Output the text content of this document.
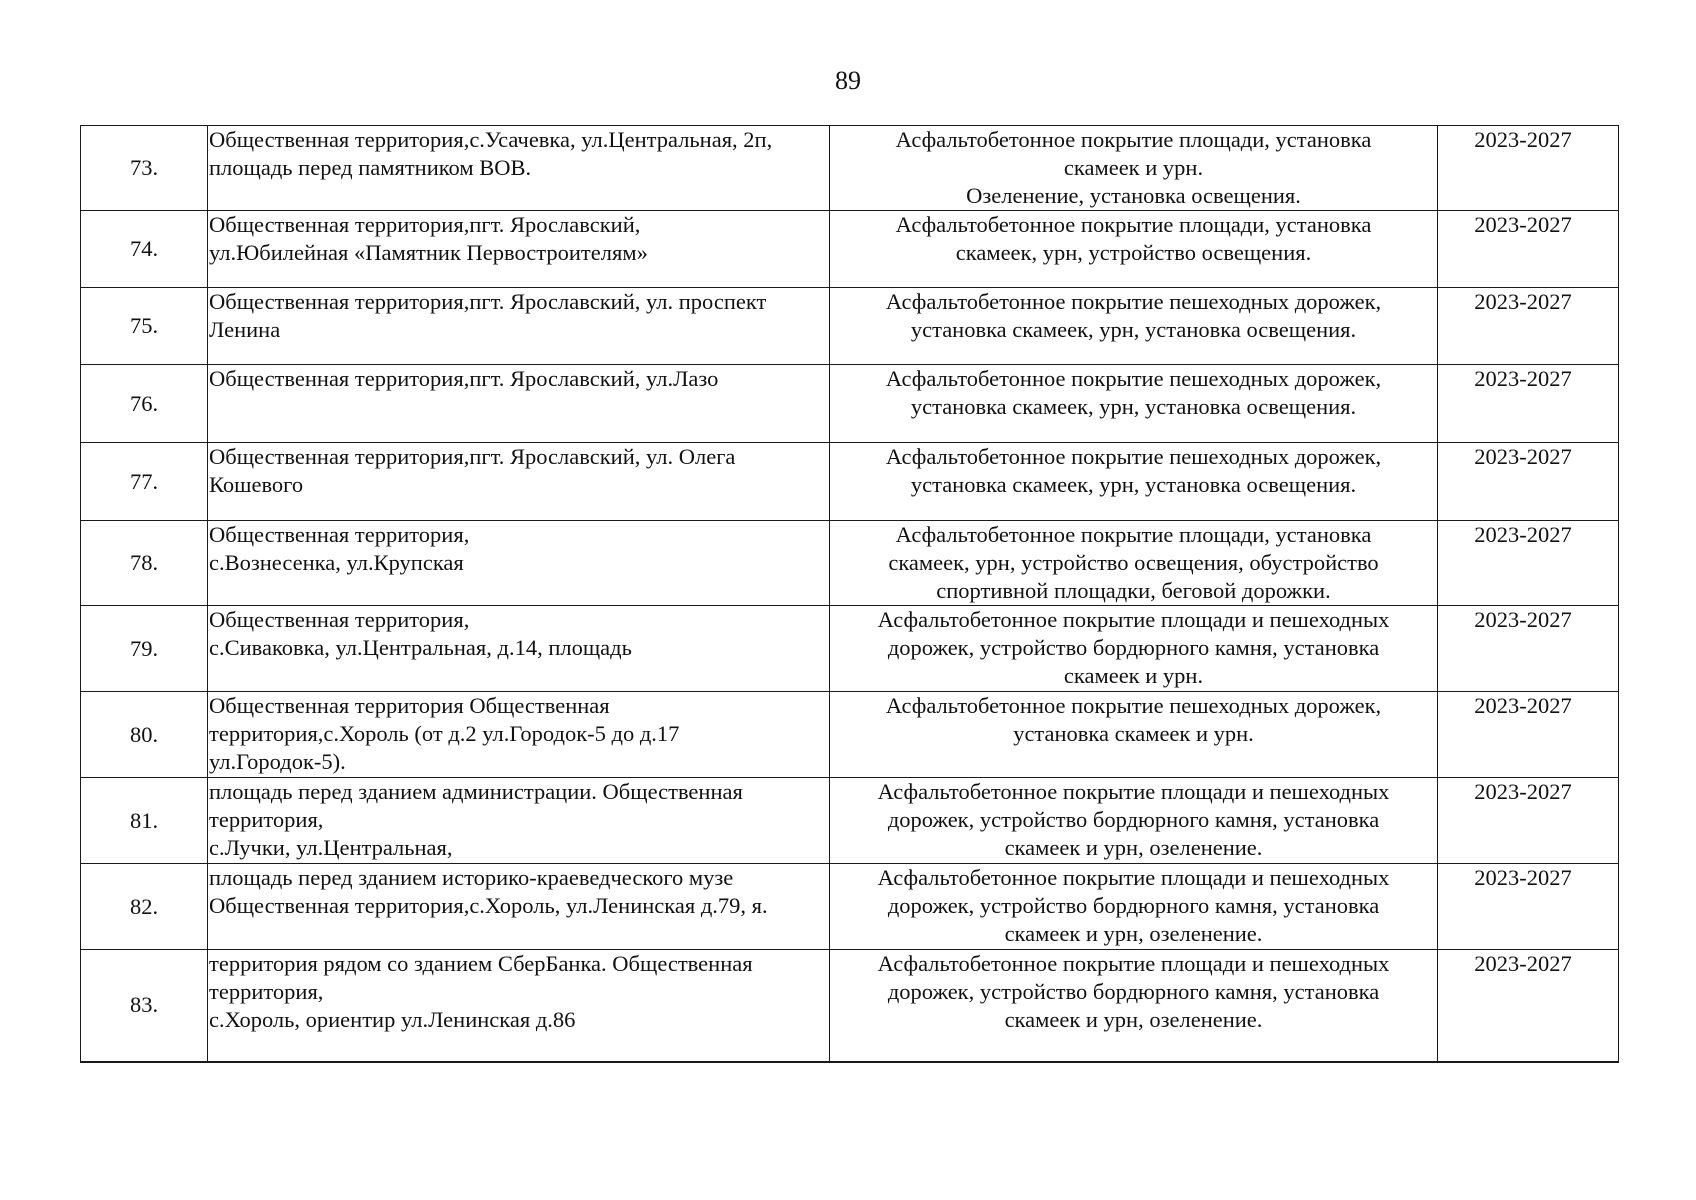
89
73.	Общественная территория,с.Усачевка, ул.Центральная, 2п,
площадь перед памятником ВОВ.	Асфальтобетонное покрытие площади, установка
скамеек и урн.
Озеленение, установка освещения.	2023-2027
74.	Общественная территория,пгт. Ярославский,
ул.Юбилейная «Памятник Первостроителям»	Асфальтобетонное покрытие площади, установка
скамеек, урн, устройство освещения.	2023-2027
75.	Общественная территория,пгт. Ярославский, ул. проспект
Ленина	Асфальтобетонное покрытие пешеходных дорожек,
установка скамеек, урн, установка освещения.	2023-2027
76.	Общественная территория,пгт. Ярославский, ул.Лазо	Асфальтобетонное покрытие пешеходных дорожек,
установка скамеек, урн, установка освещения.	2023-2027
77.	Общественная территория,пгт. Ярославский, ул. Олега
Кошевого	Асфальтобетонное покрытие пешеходных дорожек,
установка скамеек, урн, установка освещения.	2023-2027
78.	Общественная территория,
с.Вознесенка, ул.Крупская	Асфальтобетонное покрытие площади, установка
скамеек, урн, устройство освещения, обустройство
спортивной площадки, беговой дорожки.	2023-2027
79.	Общественная территория,
с.Сиваковка, ул.Центральная, д.14, площадь	Асфальтобетонное покрытие площади и пешеходных
дорожек, устройство бордюрного камня, установка
скамеек и урн.	2023-2027
80.	Общественная территория Общественная
территория,с.Хороль (от д.2 ул.Городок-5 до д.17
ул.Городок-5).	Асфальтобетонное покрытие пешеходных дорожек,
установка скамеек и урн.	2023-2027
81.	площадь перед зданием администрации. Общественная
территория,
с.Лучки, ул.Центральная,	Асфальтобетонное покрытие площади и пешеходных
дорожек, устройство бордюрного камня, установка
скамеек и урн, озеленение.	2023-2027
82.	площадь перед зданием историко-краеведческого музе
Общественная территория,с.Хороль, ул.Ленинская д.79, я.	Асфальтобетонное покрытие площади и пешеходных
дорожек, устройство бордюрного камня, установка
скамеек и урн, озеленение.	2023-2027
83.	территория рядом со зданием СберБанка. Общественная
территория,
с.Хороль, ориентир ул.Ленинская д.86	Асфальтобетонное покрытие площади и пешеходных
дорожек, устройство бордюрного камня, установка
скамеек и урн, озеленение.	2023-2027
